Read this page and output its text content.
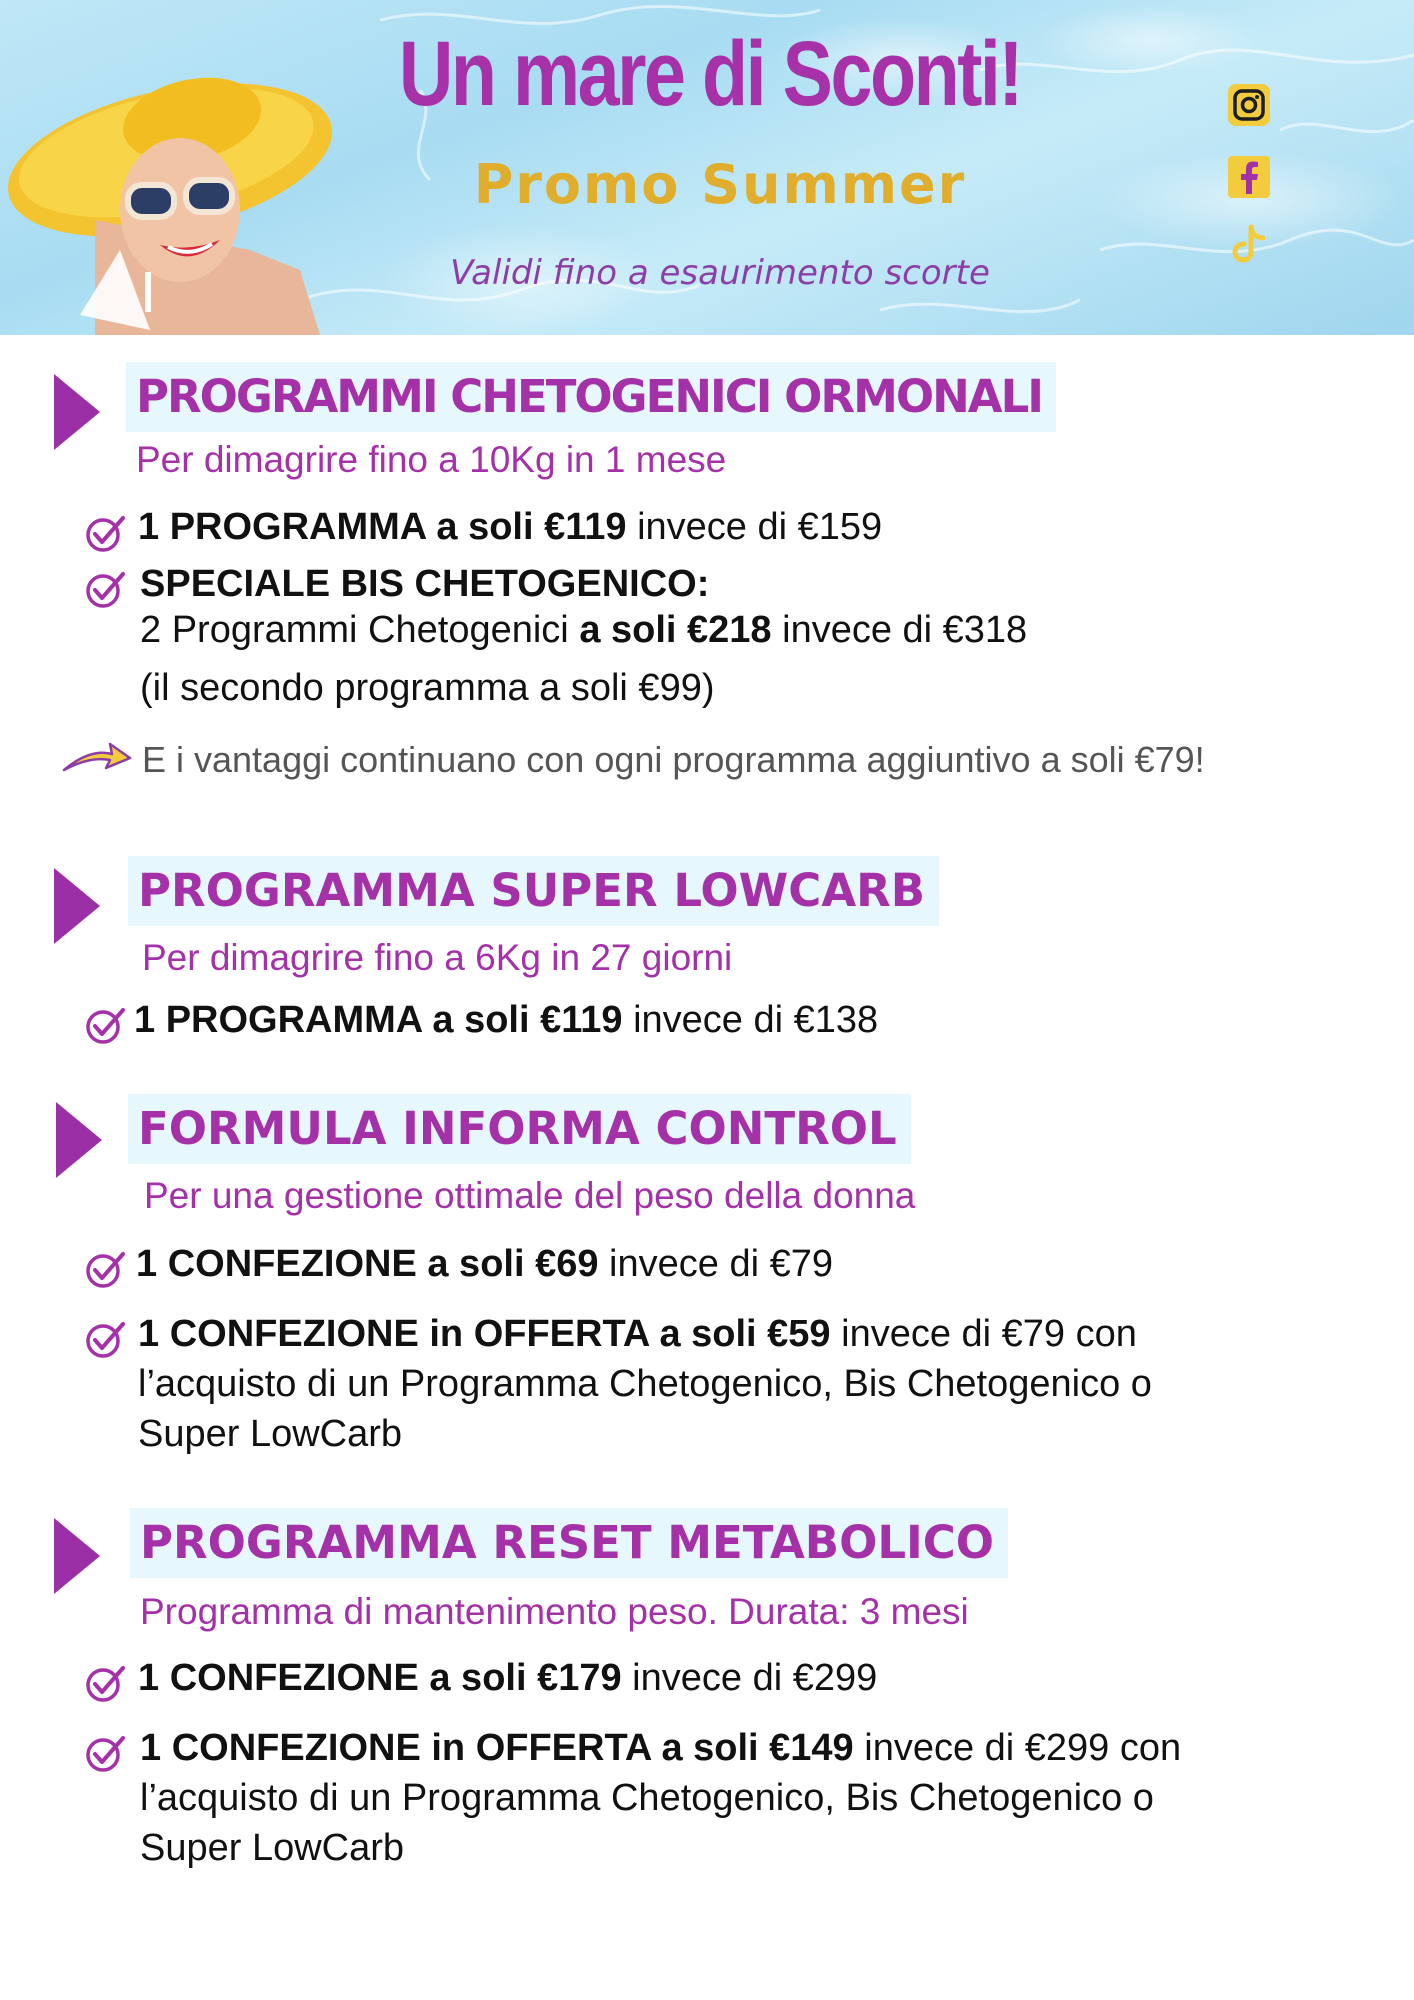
Un mare di Sconti!
Promo Summer
Validi fino a esaurimento scorte
PROGRAMMI CHETOGENICI ORMONALI
Per dimagrire fino a 10Kg in 1 mese
1 PROGRAMMA a soli €119 invece di €159
SPECIALE BIS CHETOGENICO:
2 Programmi Chetogenici a soli €218 invece di €318
(il secondo programma a soli €99)
E i vantaggi continuano con ogni programma aggiuntivo a soli €79!
PROGRAMMA SUPER LOWCARB
Per dimagrire fino a 6Kg in 27 giorni
1 PROGRAMMA a soli €119 invece di €138
FORMULA INFORMA CONTROL
Per una gestione ottimale del peso della donna
1 CONFEZIONE a soli €69 invece di €79
1 CONFEZIONE in OFFERTA a soli €59 invece di €79 con
l’acquisto di un Programma Chetogenico, Bis Chetogenico o
Super LowCarb
PROGRAMMA RESET METABOLICO
Programma di mantenimento peso. Durata: 3 mesi
1 CONFEZIONE a soli €179 invece di €299
1 CONFEZIONE in OFFERTA a soli €149 invece di €299 con
l’acquisto di un Programma Chetogenico, Bis Chetogenico o
Super LowCarb
